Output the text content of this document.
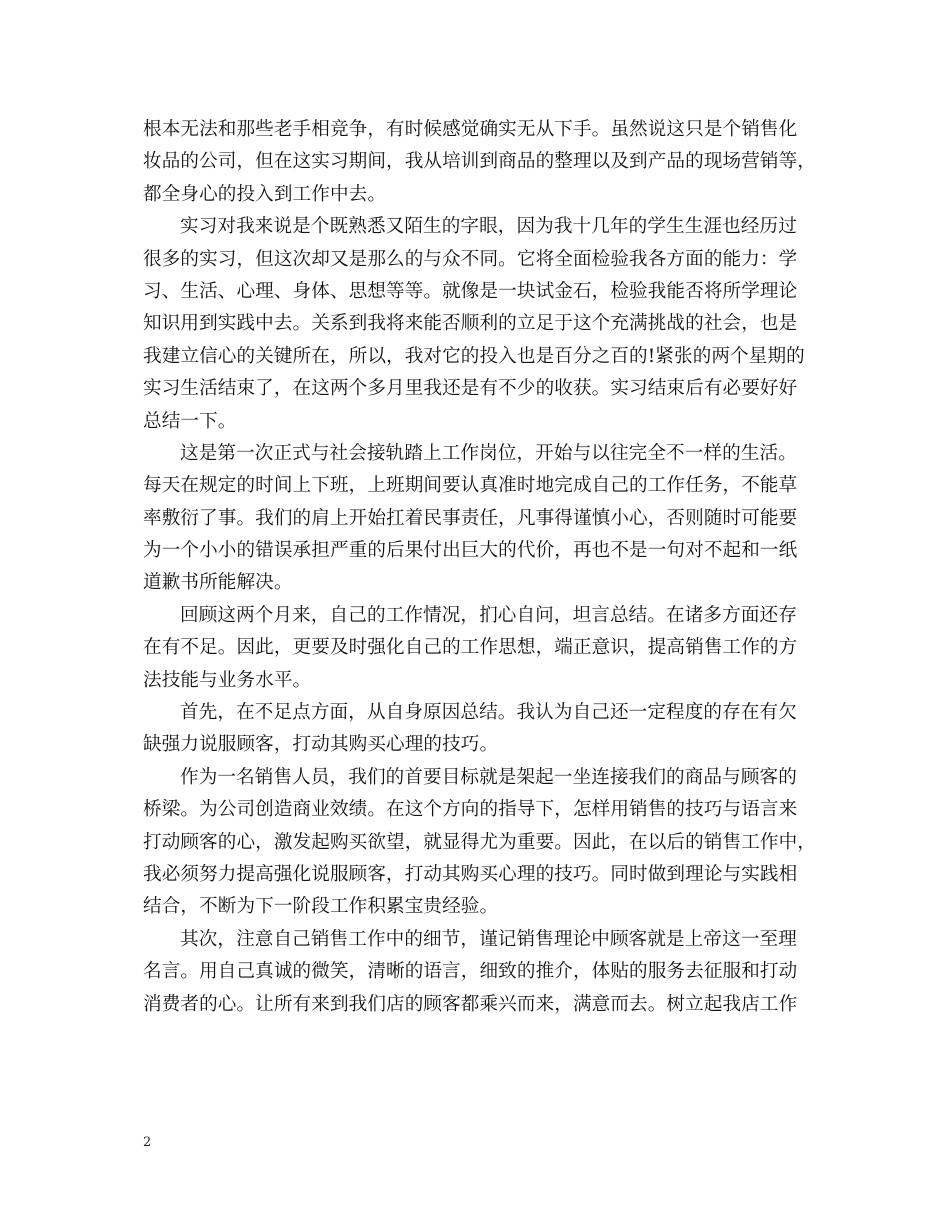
根本无法和那些老手相竞争，有时候感觉确实无从下手。虽然说这只是个销售化
妆品的公司，但在这实习期间，我从培训到商品的整理以及到产品的现场营销等，
都全身心的投入到工作中去。
实习对我来说是个既熟悉又陌生的字眼，因为我十几年的学生生涯也经历过
很多的实习，但这次却又是那么的与众不同。它将全面检验我各方面的能力：学
习、生活、心理、身体、思想等等。就像是一块试金石，检验我能否将所学理论
知识用到实践中去。关系到我将来能否顺利的立足于这个充满挑战的社会，也是
我建立信心的关键所在，所以，我对它的投入也是百分之百的!紧张的两个星期的
实习生活结束了，在这两个多月里我还是有不少的收获。实习结束后有必要好好
总结一下。
这是第一次正式与社会接轨踏上工作岗位，开始与以往完全不一样的生活。
每天在规定的时间上下班，上班期间要认真准时地完成自己的工作任务，不能草
率敷衍了事。我们的肩上开始扛着民事责任，凡事得谨慎小心，否则随时可能要
为一个小小的错误承担严重的后果付出巨大的代价，再也不是一句对不起和一纸
道歉书所能解决。
回顾这两个月来，自己的工作情况，扪心自问，坦言总结。在诸多方面还存
在有不足。因此，更要及时强化自己的工作思想，端正意识，提高销售工作的方
法技能与业务水平。
首先，在不足点方面，从自身原因总结。我认为自己还一定程度的存在有欠
缺强力说服顾客，打动其购买心理的技巧。
作为一名销售人员，我们的首要目标就是架起一坐连接我们的商品与顾客的
桥梁。为公司创造商业效绩。在这个方向的指导下，怎样用销售的技巧与语言来
打动顾客的心，激发起购买欲望，就显得尤为重要。因此，在以后的销售工作中，
我必须努力提高强化说服顾客，打动其购买心理的技巧。同时做到理论与实践相
结合，不断为下一阶段工作积累宝贵经验。
其次，注意自己销售工作中的细节，谨记销售理论中顾客就是上帝这一至理
名言。用自己真诚的微笑，清晰的语言，细致的推介，体贴的服务去征服和打动
消费者的心。让所有来到我们店的顾客都乘兴而来，满意而去。树立起我店工作
2
